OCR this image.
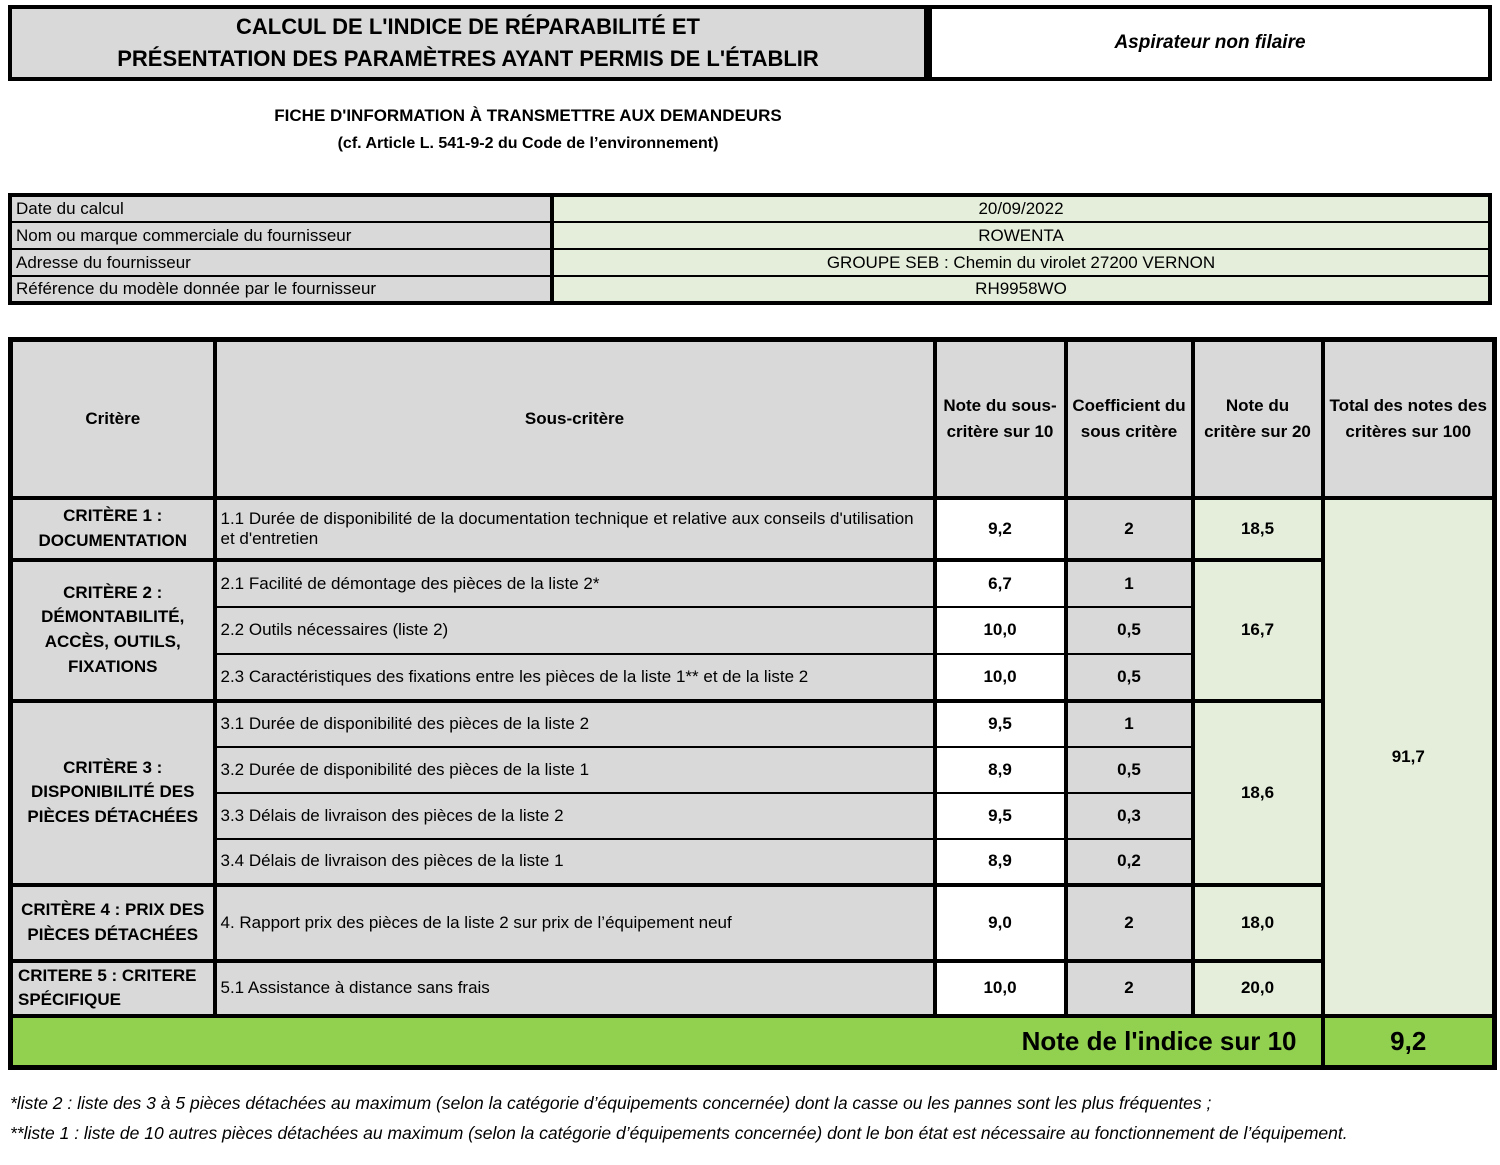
CALCUL DE L'INDICE DE RÉPARABILITÉ ET
PRÉSENTATION DES PARAMÈTRES AYANT PERMIS DE L'ÉTABLIR
Aspirateur non filaire
FICHE D'INFORMATION À TRANSMETTRE AUX DEMANDEURS
(cf. Article L. 541-9-2 du Code de l’environnement)
Date du calcul	20/09/2022
Nom ou marque commerciale du fournisseur	ROWENTA
Adresse du fournisseur	GROUPE SEB : Chemin du virolet 27200 VERNON
Référence du modèle donnée par le fournisseur	RH9958WO
Critère	Sous-critère	Note du sous-critère sur 10	Coefficient du sous critère	Note du critère sur 20	Total des notes des critères sur 100
CRITÈRE 1 : DOCUMENTATION	1.1 Durée de disponibilité de la documentation technique et relative aux conseils d'utilisation et d'entretien	9,2	2	18,5	91,7
CRITÈRE 2 : DÉMONTABILITÉ, ACCÈS, OUTILS, FIXATIONS	2.1 Facilité de démontage des pièces de la liste 2*	6,7	1	16,7	
	2.2 Outils nécessaires (liste 2)	10,0	0,5		
	2.3 Caractéristiques des fixations entre les pièces de la liste 1** et de la liste 2	10,0	0,5		
CRITÈRE 3 : DISPONIBILITÉ DES PIÈCES DÉTACHÉES	3.1 Durée de disponibilité des pièces de la liste 2	9,5	1	18,6	
	3.2 Durée de disponibilité des pièces de la liste 1	8,9	0,5		
	3.3 Délais de livraison des pièces de la liste 2	9,5	0,3		
	3.4 Délais de livraison des pièces de la liste 1	8,9	0,2		
CRITÈRE 4 : PRIX DES PIÈCES DÉTACHÉES	4. Rapport prix des pièces de la liste 2 sur prix de l’équipement neuf	9,0	2	18,0	
CRITERE 5 : CRITERE SPÉCIFIQUE	5.1 Assistance à distance sans frais	10,0	2	20,0	
Note de l'indice sur 10					9,2

*liste 2 : liste des 3 à 5 pièces détachées au maximum (selon la catégorie d’équipements concernée) dont la casse ou les pannes sont les plus fréquentes ;

**liste 1 : liste de 10 autres pièces détachées au maximum (selon la catégorie d’équipements concernée) dont le bon état est nécessaire au fonctionnement de l’équipement.
